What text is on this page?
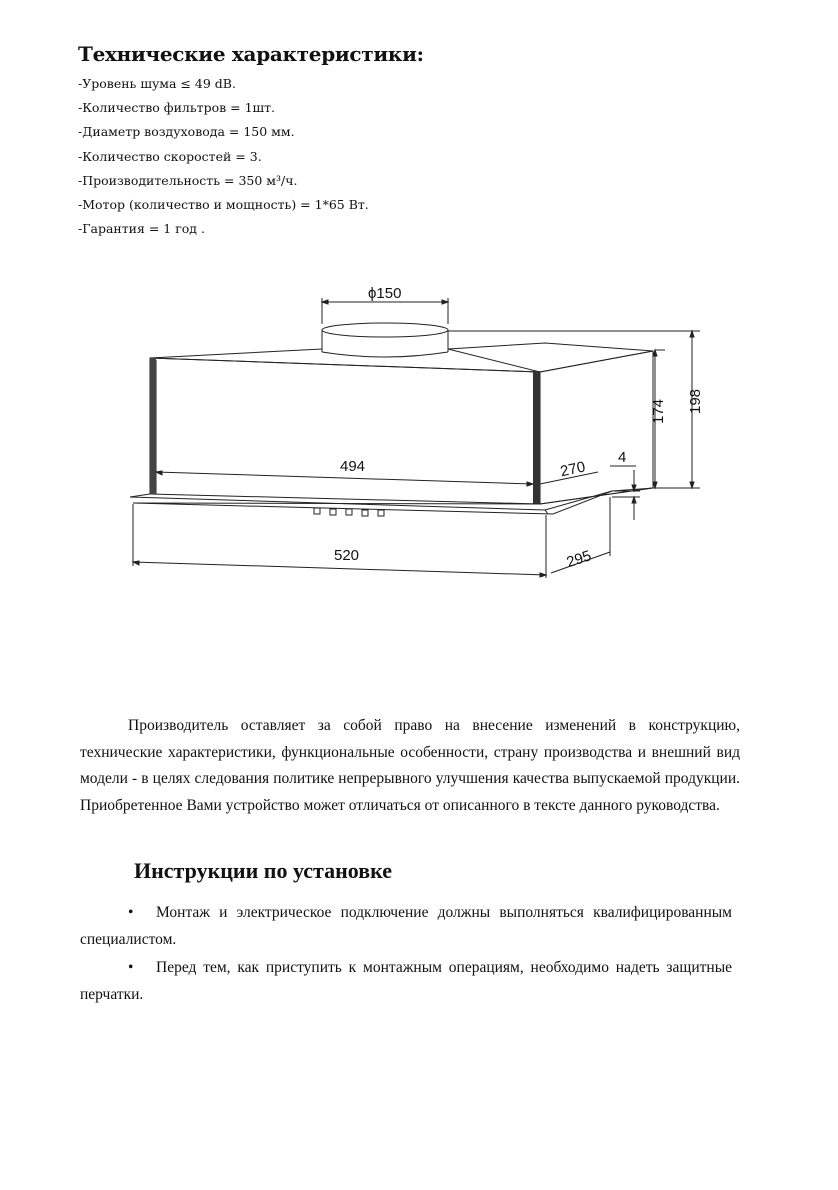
Технические характеристики:
-Уровень шума ≤ 49 dB.
-Количество фильтров = 1шт.
-Диаметр воздуховода = 150 мм.
-Количество скоростей = 3.
-Производительность = 350 м³/ч.
-Мотор (количество и мощность) = 1*65 Вт.
-Гарантия = 1 год .
ϕ150
494	270
520	295
174 198
4

Производитель оставляет за собой право на внесение изменений в конструкцию, технические характеристики, функциональные особенности, страну производства и внешний вид модели - в целях следования политике непрерывного улучшения качества выпускаемой продукции. Приобретенное Вами устройство может отличаться от описанного в тексте данного руководства.

Инструкции по установке
• Монтаж и электрическое подключение должны выполняться квалифицированным специалистом.
• Перед тем, как приступить к монтажным операциям, необходимо надеть защитные перчатки.
